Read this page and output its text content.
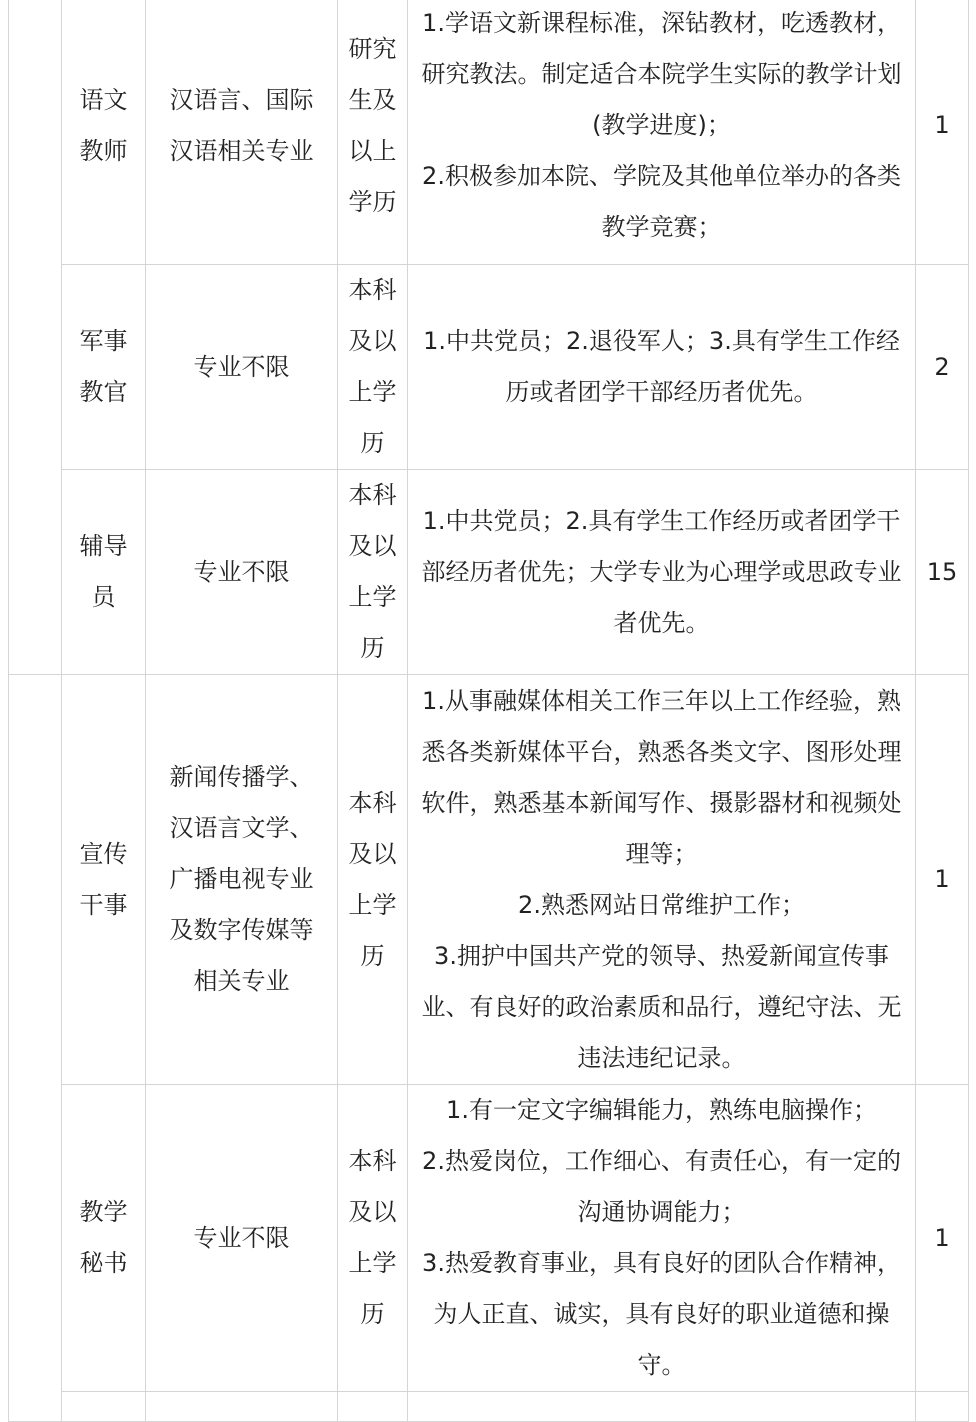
	语文教师	汉语言、国际汉语相关专业	研究生及以上学历	1.学语文新课程标准，深钻教材，吃透教材，研究教法。制定适合本院学生实际的教学计划(教学进度)；
2.积极参加本院、学院及其他单位举办的各类教学竞赛；	1
	军事教官	专业不限	本科及以上学历	1.中共党员；2.退役军人；3.具有学生工作经历或者团学干部经历者优先。	2
	辅导员	专业不限	本科及以上学历	1.中共党员；2.具有学生工作经历或者团学干部经历者优先；大学专业为心理学或思政专业者优先。	15
	宣传干事	新闻传播学、汉语言文学、广播电视专业及数字传媒等相关专业	本科及以上学历	1.从事融媒体相关工作三年以上工作经验，熟悉各类新媒体平台，熟悉各类文字、图形处理软件，熟悉基本新闻写作、摄影器材和视频处理等；
2.熟悉网站日常维护工作；
3.拥护中国共产党的领导、热爱新闻宣传事业、有良好的政治素质和品行，遵纪守法、无违法违纪记录。	1
	教学秘书	专业不限	本科及以上学历	1.有一定文字编辑能力，熟练电脑操作；
2.热爱岗位，工作细心、有责任心，有一定的沟通协调能力；
3.热爱教育事业，具有良好的团队合作精神，为人正直、诚实，具有良好的职业道德和操守。	1
